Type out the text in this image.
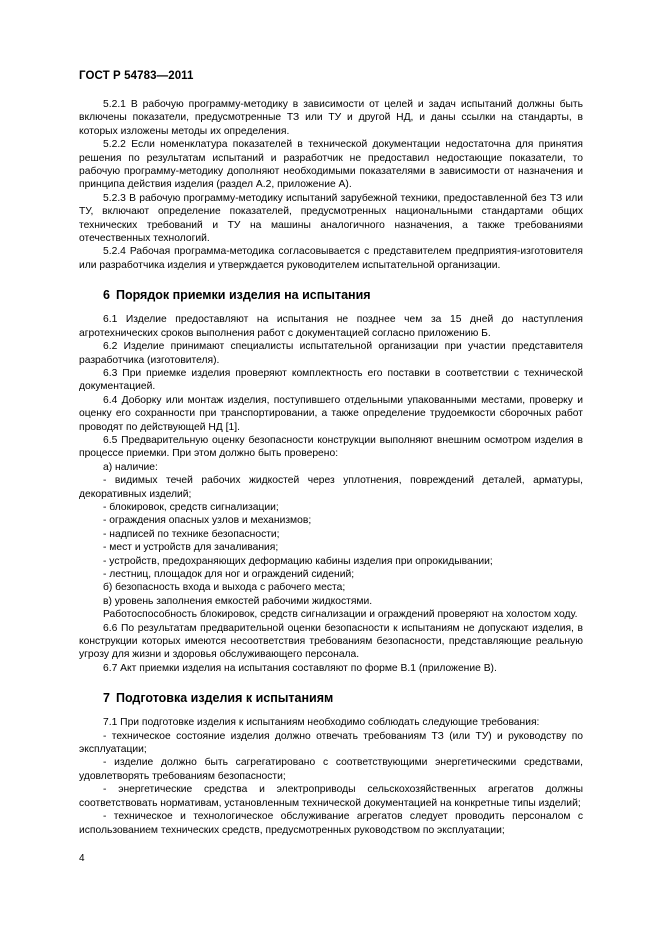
ГОСТ Р 54783—2011

5.2.1 В рабочую программу-методику в зависимости от целей и задач испытаний должны быть включены показатели, предусмотренные ТЗ или ТУ и другой НД, и даны ссылки на стандарты, в которых изложены методы их определения.

5.2.2 Если номенклатура показателей в технической документации недостаточна для принятия решения по результатам испытаний и разработчик не предоставил недостающие показатели, то рабочую программу-методику дополняют необходимыми показателями в зависимости от назначения и принципа действия изделия (раздел А.2, приложение А).

5.2.3 В рабочую программу-методику испытаний зарубежной техники, предоставленной без ТЗ или ТУ, включают определение показателей, предусмотренных национальными стандартами общих технических требований и ТУ на машины аналогичного назначения, а также требованиями отечественных технологий.

5.2.4 Рабочая программа-методика согласовывается с представителем предприятия-изготовителя или разработчика изделия и утверждается руководителем испытательной организации.

6 Порядок приемки изделия на испытания

6.1 Изделие предоставляют на испытания не позднее чем за 15 дней до наступления агротехнических сроков выполнения работ с документацией согласно приложению Б.

6.2 Изделие принимают специалисты испытательной организации при участии представителя разработчика (изготовителя).

6.3 При приемке изделия проверяют комплектность его поставки в соответствии с технической документацией.

6.4 Доборку или монтаж изделия, поступившего отдельными упакованными местами, проверку и оценку его сохранности при транспортировании, а также определение трудоемкости сборочных работ проводят по действующей НД [1].

6.5 Предварительную оценку безопасности конструкции выполняют внешним осмотром изделия в процессе приемки. При этом должно быть проверено:

а) наличие:

- видимых течей рабочих жидкостей через уплотнения, повреждений деталей, арматуры, декоративных изделий;

- блокировок, средств сигнализации;

- ограждения опасных узлов и механизмов;

- надписей по технике безопасности;

- мест и устройств для зачаливания;

- устройств, предохраняющих деформацию кабины изделия при опрокидывании;

- лестниц, площадок для ног и ограждений сидений;

б) безопасность входа и выхода с рабочего места;

в) уровень заполнения емкостей рабочими жидкостями.

Работоспособность блокировок, средств сигнализации и ограждений проверяют на холостом ходу.

6.6 По результатам предварительной оценки безопасности к испытаниям не допускают изделия, в конструкции которых имеются несоответствия требованиям безопасности, представляющие реальную угрозу для жизни и здоровья обслуживающего персонала.

6.7 Акт приемки изделия на испытания составляют по форме В.1 (приложение В).

7 Подготовка изделия к испытаниям

7.1 При подготовке изделия к испытаниям необходимо соблюдать следующие требования:

- техническое состояние изделия должно отвечать требованиям ТЗ (или ТУ) и руководству по эксплуатации;

- изделие должно быть сагрегатировано с соответствующими энергетическими средствами, удовлетворять требованиям безопасности;

- энергетические средства и электроприводы сельскохозяйственных агрегатов должны соответствовать нормативам, установленным технической документацией на конкретные типы изделий;

- техническое и технологическое обслуживание агрегатов следует проводить персоналом с использованием технических средств, предусмотренных руководством по эксплуатации;

4
